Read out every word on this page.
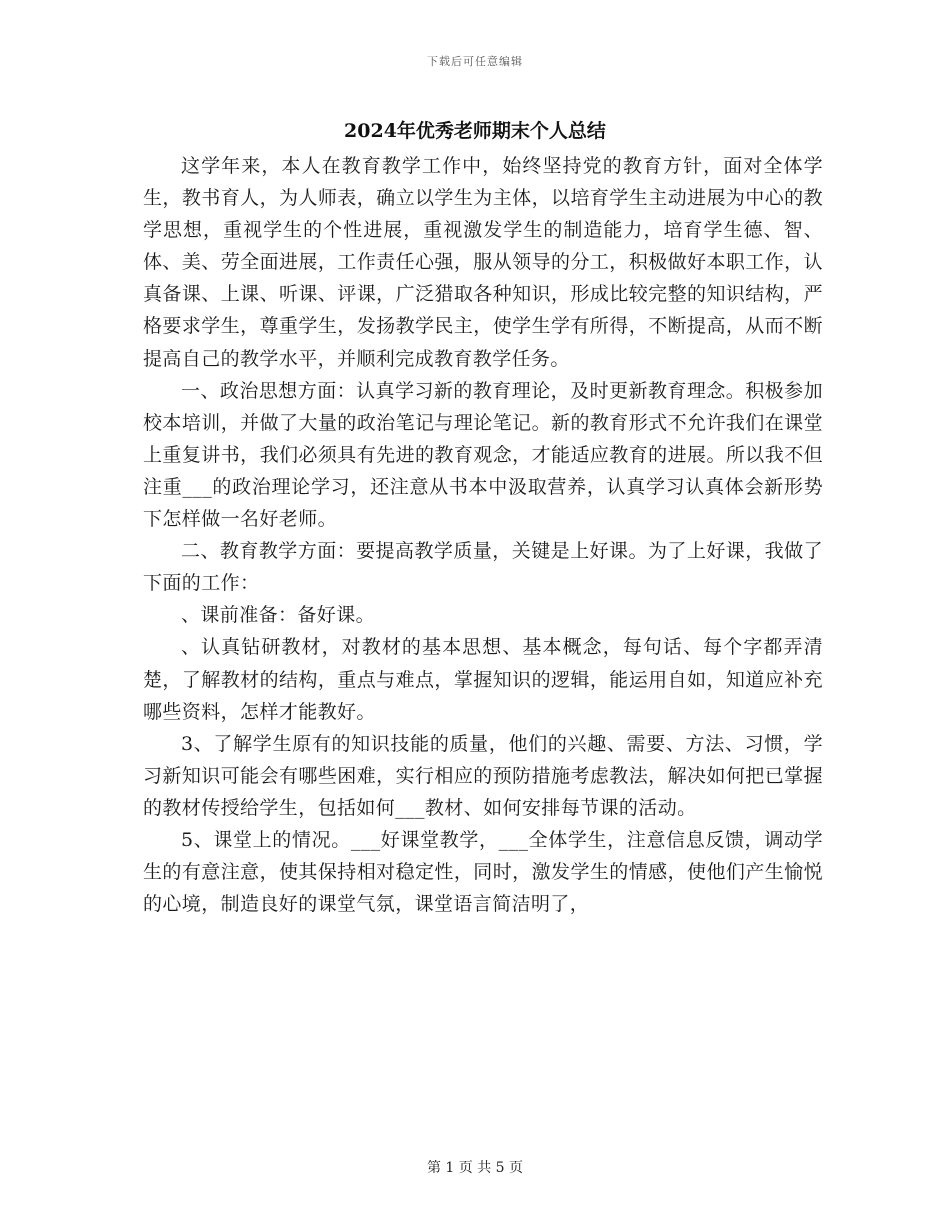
下载后可任意编辑
2024年优秀老师期末个人总结

这学年来，本人在教育教学工作中，始终坚持党的教育方针，面对全体学生，教书育人，为人师表，确立以学生为主体，以培育学生主动进展为中心的教学思想，重视学生的个性进展，重视激发学生的制造能力，培育学生德、智、体、美、劳全面进展，工作责任心强，服从领导的分工，积极做好本职工作，认真备课、上课、听课、评课，广泛猎取各种知识，形成比较完整的知识结构，严格要求学生，尊重学生，发扬教学民主，使学生学有所得，不断提高，从而不断提高自己的教学水平，并顺利完成教育教学任务。

一、政治思想方面：认真学习新的教育理论，及时更新教育理念。积极参加校本培训，并做了大量的政治笔记与理论笔记。新的教育形式不允许我们在课堂上重复讲书，我们必须具有先进的教育观念，才能适应教育的进展。所以我不但注重___的政治理论学习，还注意从书本中汲取营养，认真学习认真体会新形势下怎样做一名好老师。

二、教育教学方面：要提高教学质量，关键是上好课。为了上好课，我做了下面的工作：

、课前准备：备好课。

、认真钻研教材，对教材的基本思想、基本概念，每句话、每个字都弄清楚，了解教材的结构，重点与难点，掌握知识的逻辑，能运用自如，知道应补充哪些资料，怎样才能教好。

3、了解学生原有的知识技能的质量，他们的兴趣、需要、方法、习惯，学习新知识可能会有哪些困难，实行相应的预防措施考虑教法，解决如何把已掌握的教材传授给学生，包括如何___教材、如何安排每节课的活动。

5、课堂上的情况。___好课堂教学，___全体学生，注意信息反馈，调动学生的有意注意，使其保持相对稳定性，同时，激发学生的情感，使他们产生愉悦的心境，制造良好的课堂气氛，课堂语言简洁明了，

第 1 页 共 5 页
